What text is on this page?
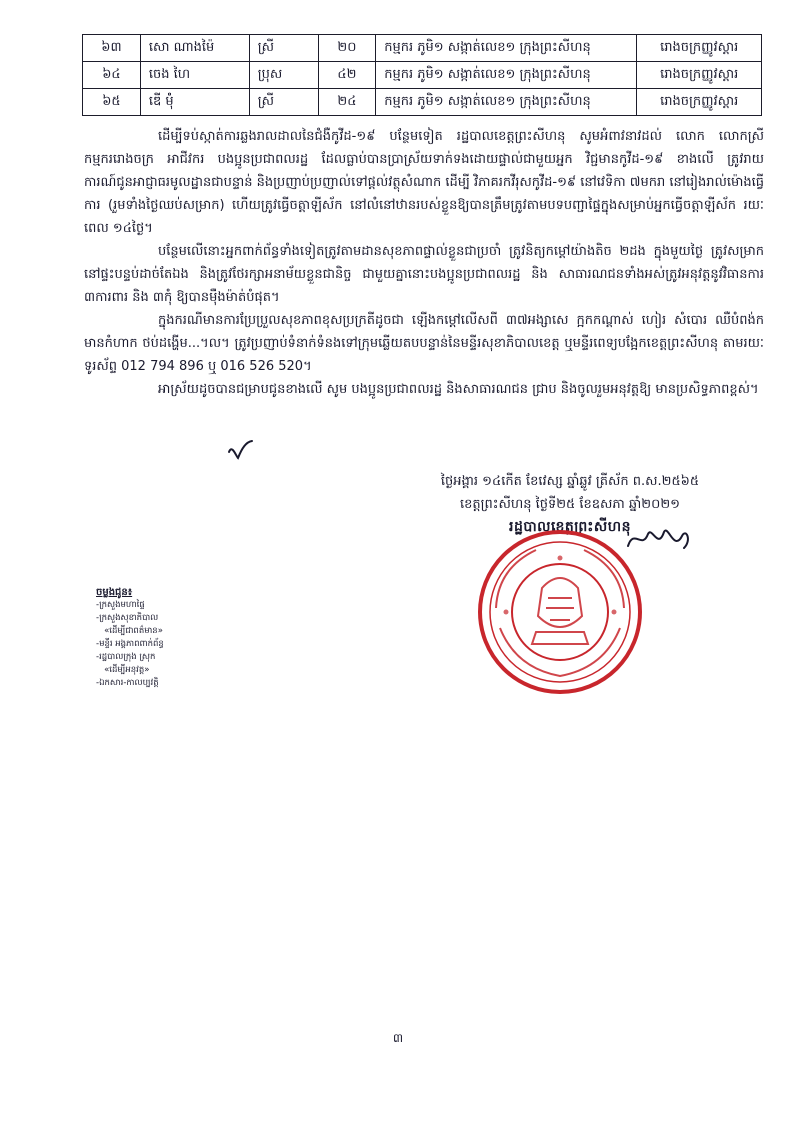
៦៣	សោ ណាងម៉ៃ	ស្រី	២០	កម្មករ ភូមិ១ សង្កាត់លេខ១ ក្រុងព្រះសីហនុ	រោងចក្រញ្ញូវស្តារ
៦៤	ចេង ហៃ	ប្រុស	៤២	កម្មករ ភូមិ១ សង្កាត់លេខ១ ក្រុងព្រះសីហនុ	រោងចក្រញ្ញូវស្តារ
៦៥	ឌើ ម៉ុំ	ស្រី	២៤	កម្មករ ភូមិ១ សង្កាត់លេខ១ ក្រុងព្រះសីហនុ	រោងចក្រញ្ញូវស្តារ

ដើម្បីទប់ស្កាត់ការឆ្លងរាលដាលនៃជំងឺកូវីដ-១៩ បន្ថែមទៀត រដ្ឋបាលខេត្តព្រះសីហនុ សូមអំពាវនាវដល់ លោក លោកស្រី កម្មកររោងចក្រ អាជីវករ បងប្អូនប្រជាពលរដ្ឋ ដែលធ្លាប់បានប្រាស្រ័យទាក់ទងដោយផ្ទាល់ជាមួយអ្នក វិជ្ជមានកូវីដ-១៩ ខាងលើ ត្រូវរាយការណ៍ជូនអាជ្ញាធរមូលដ្ឋានជាបន្ទាន់ និងប្រញាប់ប្រញាល់ទៅផ្តល់វត្ថុសំណាក ដើម្បី វិភាគរកវីរុសកូវីដ-១៩ នៅវេទិកា ៧មករា នៅរៀងរាល់ម៉ោងធ្វើការ (រួមទាំងថ្ងៃឈប់សម្រាក) ហើយត្រូវធ្វើចត្តាឡីស័ក នៅលំនៅឋានរបស់ខ្លួនឱ្យបានត្រឹមត្រូវតាមបទបញ្ជាផ្ទៃក្នុងសម្រាប់អ្នកធ្វើចត្តាឡីស័ក រយៈពេល ១៤ថ្ងៃ។

បន្ថែមលើនោះអ្នកពាក់ព័ន្ធទាំងទៀតត្រូវតាមដានសុខភាពផ្ទាល់ខ្លួនជាប្រចាំ ត្រូវនិត្យកម្ដៅយ៉ាងតិច ២ដង ក្នុងមួយថ្ងៃ ត្រូវសម្រាកនៅផ្ទះបន្ទប់ដាច់តែឯង និងត្រូវថែរក្សាអនាម័យខ្លួនជានិច្ច ជាមួយគ្នានោះបងប្អូនប្រជាពលរដ្ឋ និង សាធារណជនទាំងអស់ត្រូវអនុវត្តនូវវិធានការ ៣ការពារ និង ៣កុំ ឱ្យបានម៉ឺងម៉ាត់បំផុត។

ក្នុងករណីមានការប្រែប្រួលសុខភាពខុសប្រក្រតីដូចជា ឡើងកម្ដៅលើសពី ៣៧អង្សាសេ ក្អកកណ្តាស់ ហៀរ សំបោរ ឈឺបំពង់ក មានកំហាក ថប់ដង្ហើម...។ល។ ត្រូវប្រញាប់ទំនាក់ទំនងទៅក្រុមឆ្លើយតបបន្ទាន់នៃមន្ទីរសុខាភិបាលខេត្ត ឬមន្ទីរពេទ្យបង្អែកខេត្តព្រះសីហនុ តាមរយៈទូរស័ព្ទ 012 794 896 ឬ 016 526 520។

អាស្រ័យដូចបានជម្រាបជូនខាងលើ សូម បងប្អូនប្រជាពលរដ្ឋ និងសាធារណជន ជ្រាប និងចូលរួមអនុវត្តឱ្យ មានប្រសិទ្ធភាពខ្ពស់។

ថ្ងៃអង្គារ ១៤កើត ខែវេស្ស ឆ្នាំឆ្លូវ ត្រីស័ក ព.ស.២៥៦៥
ខេត្តព្រះសីហនុ ថ្ងៃទី២៥ ខែឧសភា ឆ្នាំ២០២១
រដ្ឋបាលខេត្តព្រះសីហនុ
ចម្លងជូន៖
-ក្រសួងមហាផ្ទៃ
-ក្រសួងសុខាភិបាល
«ដើម្បីជាពត៌មាន»
-មន្ទីរ អង្គភាពពាក់ព័ន្ធ
-រដ្ឋបាលក្រុង ស្រុក
«ដើម្បីអនុវត្ត»
-ឯកសារ-កាលប្បវត្តិ
៣
